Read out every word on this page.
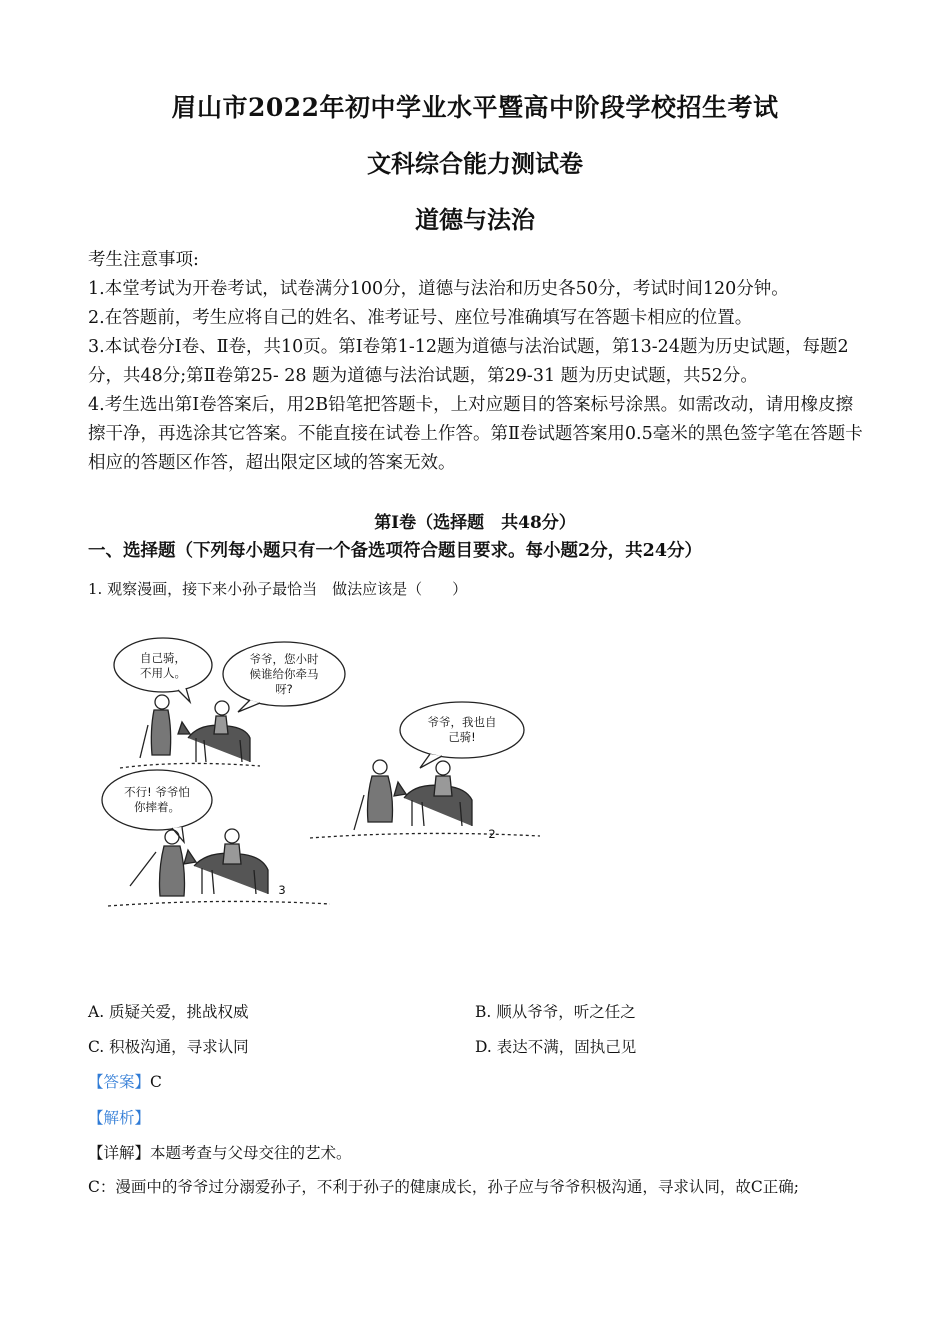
眉山市2022年初中学业水平暨高中阶段学校招生考试
文科综合能力测试卷
道德与法治

考生注意事项:

1.本堂考试为开卷考试，试卷满分100分，道德与法治和历史各50分，考试时间120分钟。

2.在答题前，考生应将自己的姓名、准考证号、座位号准确填写在答题卡相应的位置。

3.本试卷分Ⅰ卷、Ⅱ卷，共10页。第Ⅰ卷第1-12题为道德与法治试题，第13-24题为历史试题，每题2分，共48分;第Ⅱ卷第25- 28 题为道德与法治试题，第29-31 题为历史试题，共52分。

4.考生选出第Ⅰ卷答案后，用2B铅笔把答题卡，上对应题目的答案标号涂黑。如需改动，请用橡皮擦擦干净，再选涂其它答案。不能直接在试卷上作答。第Ⅱ卷试题答案用0.5毫米的黑色签字笔在答题卡相应的答题区作答，超出限定区域的答案无效。

第Ⅰ卷（选择题　共48分）
一、选择题（下列每小题只有一个备选项符合题目要求。每小题2分，共24分）
1. 观察漫画，接下来小孙子最恰当　做法应该是（　　）
自己骑，
不用人。
爷爷，您小时
候谁给你牵马
呀?
爷爷，我也自
己骑!
不行! 爷爷怕
你摔着。
2
3
A. 质疑关爱，挑战权威	B. 顺从爷爷，听之任之
C. 积极沟通，寻求认同	D. 表达不满，固执己见
【答案】C
【解析】
【详解】本题考查与父母交往的艺术。
C：漫画中的爷爷过分溺爱孙子，不利于孙子的健康成长，孙子应与爷爷积极沟通，寻求认同，故C正确;
